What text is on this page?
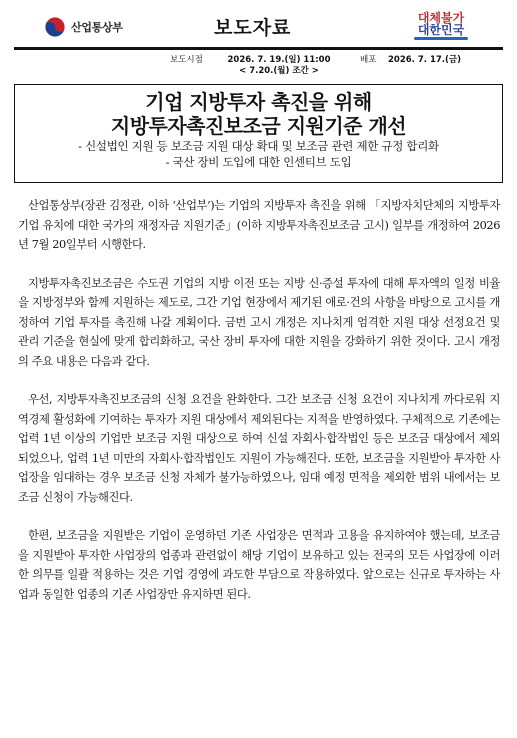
산업통상부	보도자료	대체불가
대한민국
보도시점	2026. 7. 19.(일) 11:00
< 7.20.(월) 조간 >
배포 2026. 7. 17.(금)
기업 지방투자 촉진을 위해
지방투자촉진보조금 지원기준 개선
- 신설법인 지원 등 보조금 지원 대상 확대 및 보조금 관련 제한 규정 합리화
- 국산 장비 도입에 대한 인센티브 도입

산업통상부(장관 김정관, 이하 ‘산업부’)는 기업의 지방투자 촉진을 위해 「지방자치단체의 지방투자기업 유치에 대한 국가의 재정자금 지원기준」(이하 지방투자촉진보조금 고시) 일부를 개정하여 2026년 7월 20일부터 시행한다.

지방투자촉진보조금은 수도권 기업의 지방 이전 또는 지방 신·증설 투자에 대해 투자액의 일정 비율을 지방정부와 함께 지원하는 제도로, 그간 기업 현장에서 제기된 애로·건의 사항을 바탕으로 고시를 개정하여 기업 투자를 촉진해 나갈 계획이다. 금번 고시 개정은 지나치게 엄격한 지원 대상 선정요건 및 관리 기준을 현실에 맞게 합리화하고, 국산 장비 투자에 대한 지원을 강화하기 위한 것이다. 고시 개정의 주요 내용은 다음과 같다.

우선, 지방투자촉진보조금의 신청 요건을 완화한다. 그간 보조금 신청 요건이 지나치게 까다로워 지역경제 활성화에 기여하는 투자가 지원 대상에서 제외된다는 지적을 반영하였다. 구체적으로 기존에는 업력 1년 이상의 기업만 보조금 지원 대상으로 하여 신설 자회사·합작법인 등은 보조금 대상에서 제외되었으나, 업력 1년 미만의 자회사·합작법인도 지원이 가능해진다. 또한, 보조금을 지원받아 투자한 사업장을 임대하는 경우 보조금 신청 자체가 불가능하였으나, 임대 예정 면적을 제외한 범위 내에서는 보조금 신청이 가능해진다.

한편, 보조금을 지원받은 기업이 운영하던 기존 사업장은 면적과 고용을 유지하여야 했는데, 보조금을 지원받아 투자한 사업장의 업종과 관련없이 해당 기업이 보유하고 있는 전국의 모든 사업장에 이러한 의무를 일괄 적용하는 것은 기업 경영에 과도한 부담으로 작용하였다. 앞으로는 신규로 투자하는 사업과 동일한 업종의 기존 사업장만 유지하면 된다.
